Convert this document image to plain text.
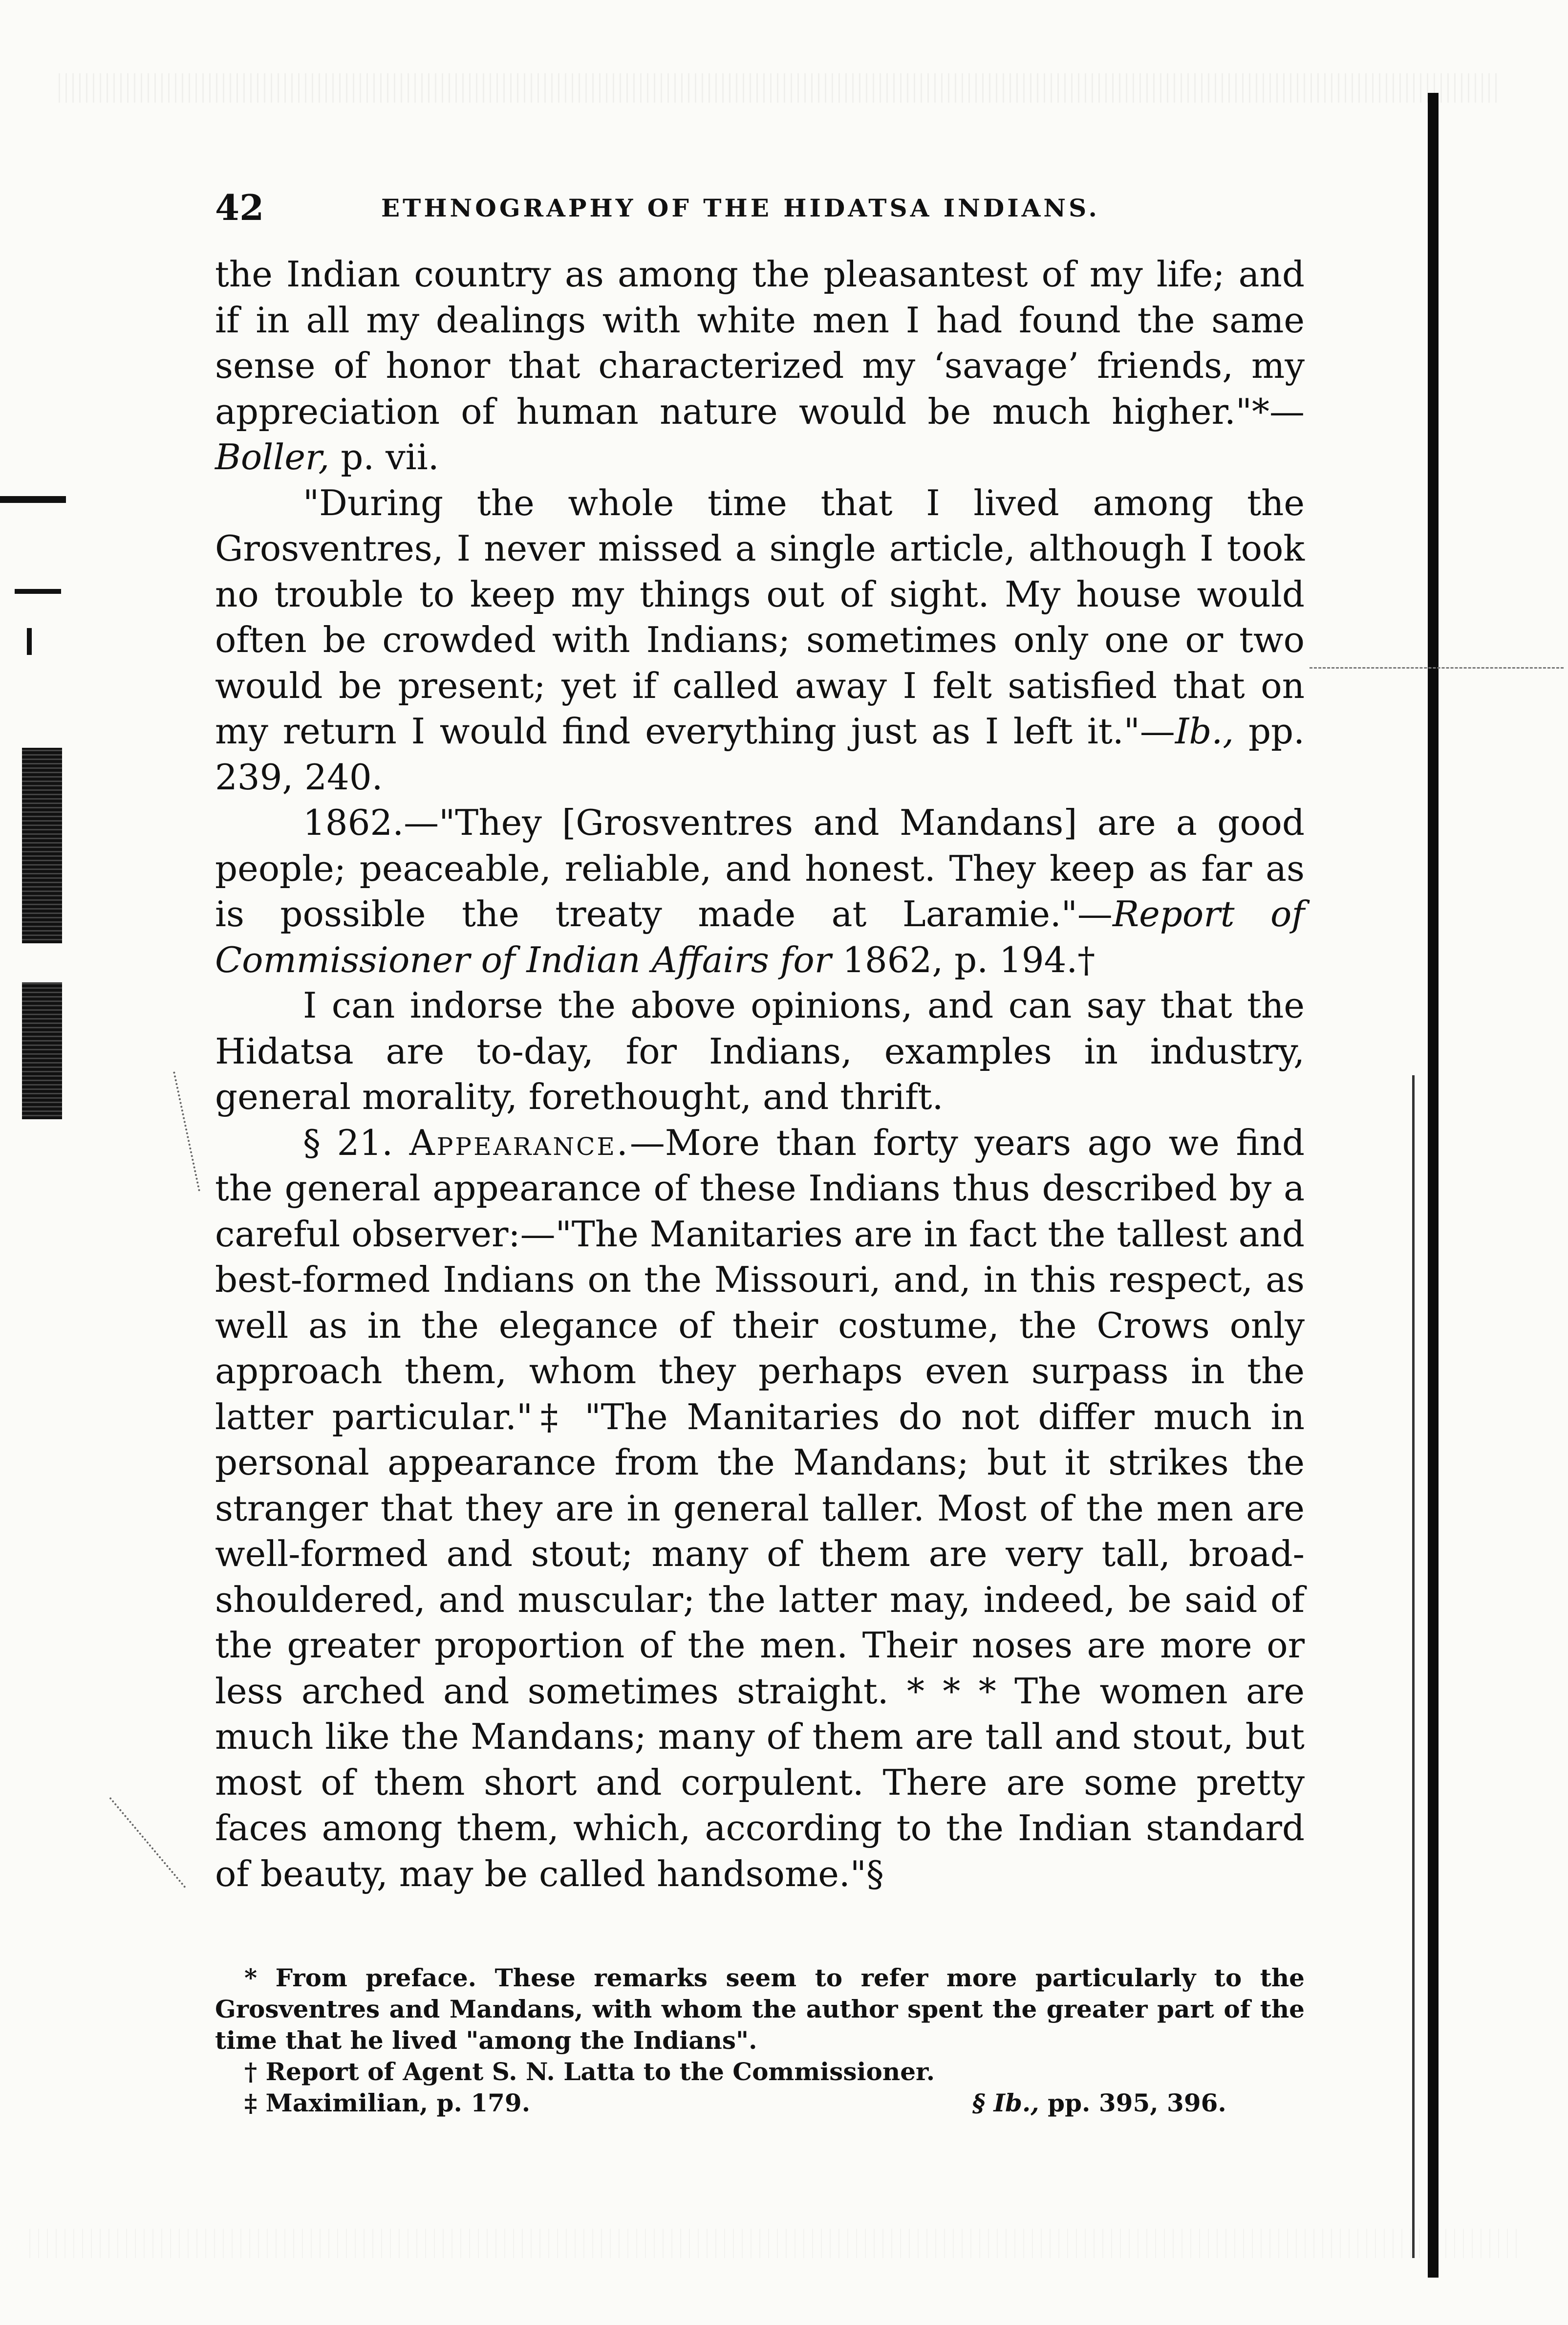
42	ETHNOGRAPHY OF THE HIDATSA INDIANS.

the Indian country as among the pleasantest of my life; and if in all my dealings with white men I had found the same sense of honor that characterized my ‘savage’ friends, my appreciation of human nature would be much higher."*—Boller, p. vii.

"During the whole time that I lived among the Grosventres, I never missed a single article, although I took no trouble to keep my things out of sight. My house would often be crowded with Indians; sometimes only one or two would be present; yet if called away I felt satisfied that on my return I would find everything just as I left it."—Ib., pp. 239, 240.

1862.—"They [Grosventres and Mandans] are a good people; peaceable, reliable, and honest. They keep as far as is possible the treaty made at Laramie."—Report of Commissioner of Indian Affairs for 1862, p. 194.†

I can indorse the above opinions, and can say that the Hidatsa are to-day, for Indians, examples in industry, general morality, forethought, and thrift.

§ 21. Appearance.—More than forty years ago we find the general appearance of these Indians thus described by a careful observer:—"The Manitaries are in fact the tallest and best-formed Indians on the Missouri, and, in this respect, as well as in the elegance of their costume, the Crows only approach them, whom they perhaps even surpass in the latter particular."‡ "The Manitaries do not differ much in personal appearance from the Mandans; but it strikes the stranger that they are in general taller. Most of the men are well-formed and stout; many of them are very tall, broad-shouldered, and muscular; the latter may, indeed, be said of the greater proportion of the men. Their noses are more or less arched and sometimes straight. * * * The women are much like the Mandans; many of them are tall and stout, but most of them short and corpulent. There are some pretty faces among them, which, according to the Indian standard of beauty, may be called handsome."§

* From preface. These remarks seem to refer more particularly to the Grosventres and Mandans, with whom the author spent the greater part of the time that he lived "among the Indians".

† Report of Agent S. N. Latta to the Commissioner.

‡ Maximilian, p. 179.	§ Ib., pp. 395, 396.
